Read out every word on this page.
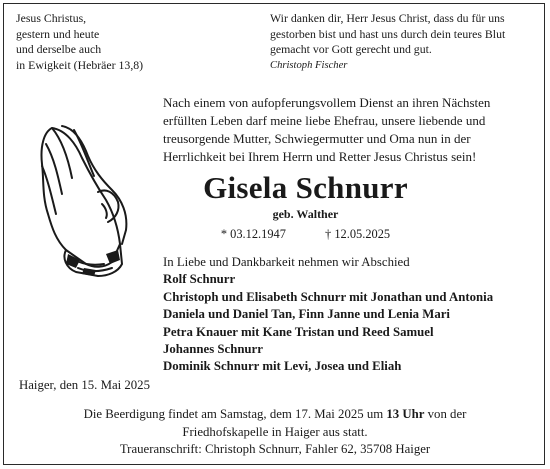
Jesus Christus,
gestern und heute
und derselbe auch
in Ewigkeit (Hebräer 13,8)
Wir danken dir, Herr Jesus Christ, dass du für uns
gestorben bist und hast uns durch dein teures Blut
gemacht vor Gott gerecht und gut.
Christoph Fischer
Nach einem von aufopferungsvollem Dienst an ihren Nächsten
erfüllten Leben darf meine liebe Ehefrau, unsere liebende und
treusorgende Mutter, Schwiegermutter und Oma nun in der
Herrlichkeit bei Ihrem Herrn und Retter Jesus Christus sein!
Gisela Schnurr
geb. Walther
* 03.12.1947	† 12.05.2025
In Liebe und Dankbarkeit nehmen wir Abschied
Rolf Schnurr
Christoph und Elisabeth Schnurr mit Jonathan und Antonia
Daniela und Daniel Tan, Finn Janne und Lenia Mari
Petra Knauer mit Kane Tristan und Reed Samuel
Johannes Schnurr
Dominik Schnurr mit Levi, Josea und Eliah
Haiger, den 15. Mai 2025
Die Beerdigung findet am Samstag, dem 17. Mai 2025 um 13 Uhr von der
Friedhofskapelle in Haiger aus statt.
Traueranschrift: Christoph Schnurr, Fahler 62, 35708 Haiger
